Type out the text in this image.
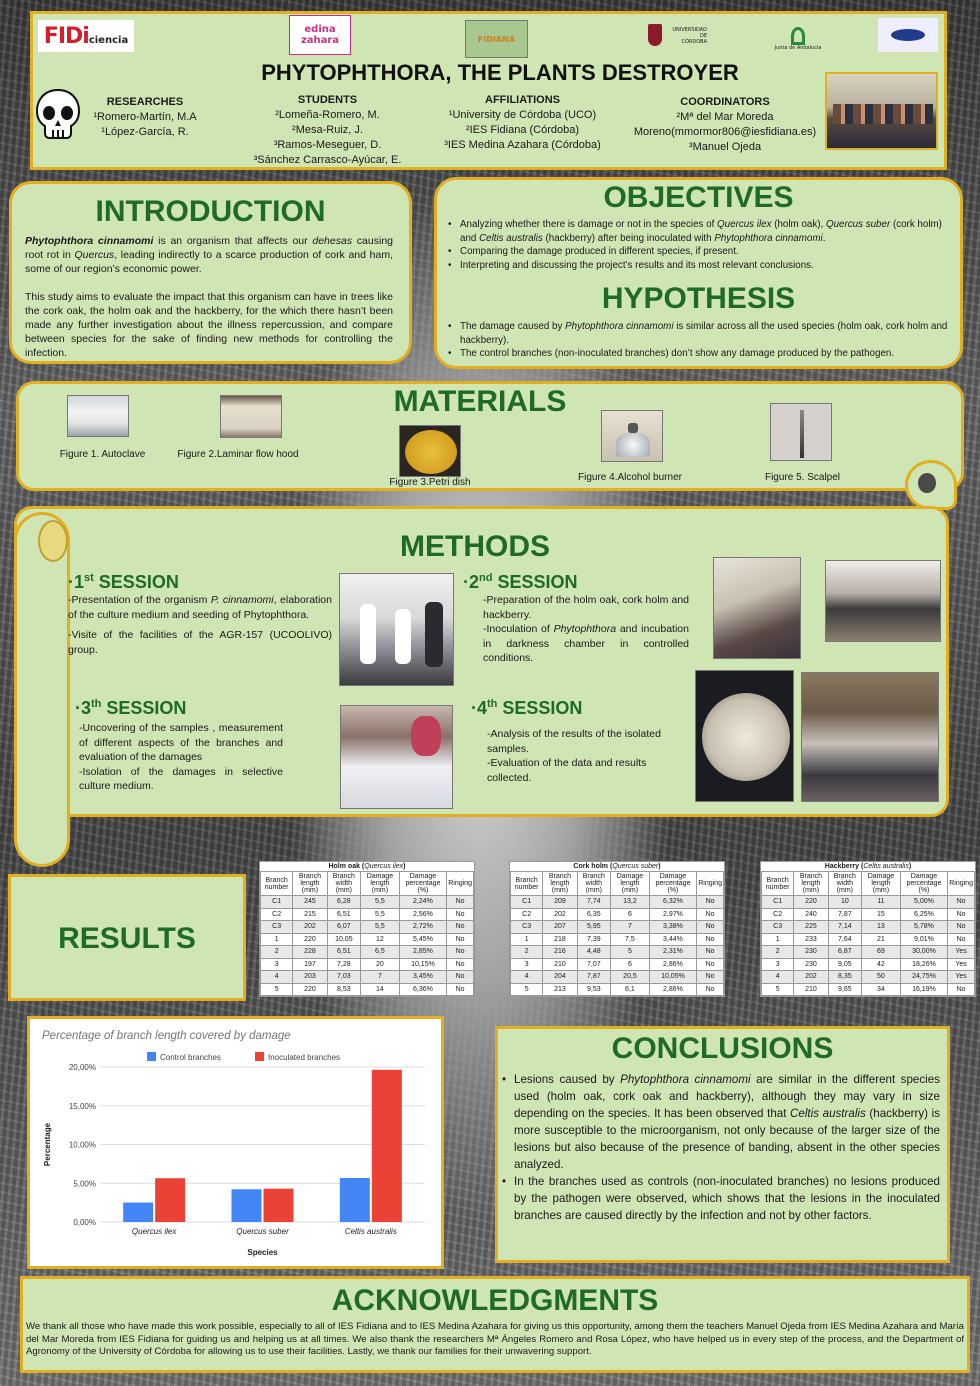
FIDi ciencia
edina
zahara	FIDIANA
UNIVERSIDAD
DE
CÓRDOBA
Junta de Andalucía
PHYTOPHTHORA, THE PLANTS DESTROYER
RESEARCHES
¹Romero-Martín, M.A
¹López-García, R.
STUDENTS
²Lomeña-Romero, M.
²Mesa-Ruiz, J.
³Ramos-Meseguer, D.
³Sánchez Carrasco-Ayúcar, E.
AFFILIATIONS
¹University de Córdoba (UCO)
²IES Fidiana (Córdoba)
³IES Medina Azahara (Córdoba)
COORDINATORS
²Mª del Mar Moreda
Moreno(mmormor806@iesfidiana.es)
³Manuel Ojeda
INTRODUCTION

Phytophthora cinnamomi is an organism that affects our dehesas causing root rot in Quercus, leading indirectly to a scarce production of cork and ham, some of our region’s economic power.

This study aims to evaluate the impact that this organism can have in trees like the cork oak, the holm oak and the hackberry, for the which there hasn’t been made any further investigation about the illness repercussion, and compare between species for the sake of finding new methods for controlling the infection.

OBJECTIVES
• Analyzing whether there is damage or not in the species of Quercus ilex (holm oak), Quercus suber (cork holm) and Celtis australis (hackberry) after being inoculated with Phytophthora cinnamomi.
• Comparing the damage produced in different species, if present.
• Interpreting and discussing the project’s results and its most relevant conclusions.
HYPOTHESIS
• The damage caused by Phytophthora cinnamomi is similar across all the used species (holm oak, cork holm and hackberry).
• The control branches (non-inoculated branches) don’t show any damage produced by the pathogen.
MATERIALS
Figure 1. Autoclave	Figure 2.Laminar flow hood
Figure 3.Petri dish	Figure 4.Alcohol burner	Figure 5. Scalpel
METHODS
·1st SESSION

-Presentation of the organism P. cinnamomi, elaboration of the culture medium and seeding of Phytophthora.

-Visite of the facilities of the AGR-157 (UCOOLIVO) group.

·2nd SESSION

-Preparation of the holm oak, cork holm and hackberry.

-Inoculation of Phytophthora and incubation in darkness chamber in controlled conditions.

·3th SESSION

-Uncovering of the samples , measurement of different aspects of the branches and evaluation of the damages

-Isolation of the damages in selective culture medium.

·4th SESSION

-Analysis of the results of the isolated samples.

-Evaluation of the data and results collected.

RESULTS
Holm oak (Quercus ilex)
Branch number	Branch length (mm)	Branch width (mm)	Damage length (mm)	Damage percentage (%)	Ringing
C1	245	6,28	5,5	2,24%	No
C2	215	6,51	5,5	2,56%	No
C3	202	6,07	5,5	2,72%	No
1	220	10,05	12	5,45%	No
2	228	6,51	6,5	2,85%	No
3	197	7,28	20	10,15%	No
4	203	7,03	7	3,45%	No
5	220	8,53	14	6,36%	No
Cork holm (Quercus suber)
Branch number	Branch length (mm)	Branch width (mm)	Damage length (mm)	Damage percentage (%)	Ringing
C1	209	7,74	13,2	6,32%	No
C2	202	6,35	6	2,97%	No
C3	207	5,95	7	3,38%	No
1	218	7,39	7,5	3,44%	No
2	216	4,48	5	2,31%	No
3	210	7,07	6	2,86%	No
4	204	7,87	20,5	10,05%	No
5	213	9,53	6,1	2,86%	No
Hackberry (Celtis australis)
Branch number	Branch length (mm)	Branch width (mm)	Damage length (mm)	Damage percentage (%)	Ringing
C1	220	10	11	5,00%	No
C2	240	7,87	15	6,25%	No
C3	225	7,14	13	5,78%	No
1	233	7,64	21	9,01%	No
2	230	6,87	69	30,00%	Yes
3	230	9,05	42	18,26%	Yes
4	202	8,35	50	24,75%	Yes
5	210	9,65	34	16,19%	No
Percentage of branch length covered by damage
0,00%
5,00%
10,00%
15,00%
20,00%
Control branches	Inoculated branches
Quercus ilex	Quercus suber	Celtis australis
Species
Percentage
CONCLUSIONS
• Lesions caused by Phytophthora cinnamomi are similar in the different species used (holm oak, cork oak and hackberry), although they may vary in size depending on the species. It has been observed that Celtis australis (hackberry) is more susceptible to the microorganism, not only because of the larger size of the lesions but also because of the presence of banding, absent in the other species analyzed.
• In the branches used as controls (non-inoculated branches) no lesions produced by the pathogen were observed, which shows that the lesions in the inoculated branches are caused directly by the infection and not by other factors.
ACKNOWLEDGMENTS
We thank all those who have made this work possible, especially to all of IES Fidiana and to IES Medina Azahara for giving us this opportunity, among them the teachers Manuel Ojeda from IES Medina Azahara and María del Mar Moreda from IES Fidiana for guiding us and helping us at all times. We also thank the researchers Mª Ángeles Romero and Rosa López, who have helped us in every step of the process, and the Department of Agronomy of the University of Córdoba for allowing us to use their facilities. Lastly, we thank our families for their unwavering support.
